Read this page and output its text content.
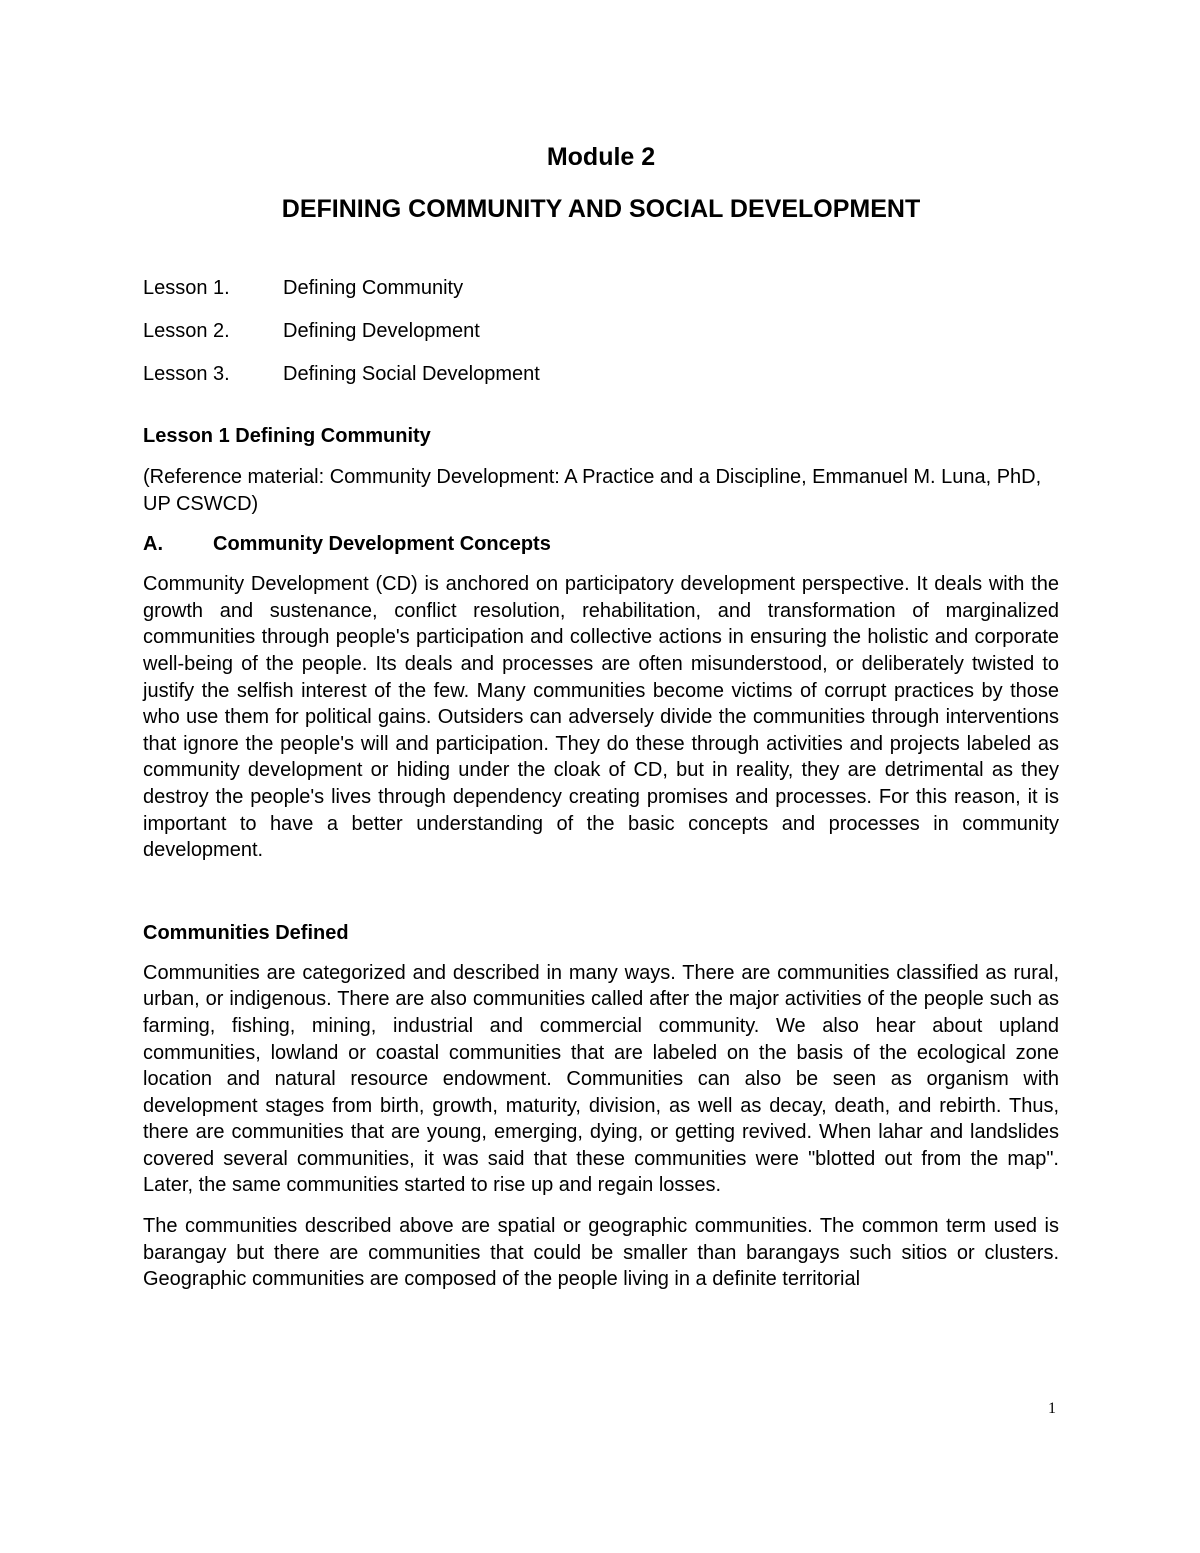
Module 2
DEFINING COMMUNITY AND SOCIAL DEVELOPMENT
Lesson 1.	Defining Community
Lesson 2.	Defining Development
Lesson 3.	Defining Social Development

Lesson 1 Defining Community

(Reference material: Community Development: A Practice and a Discipline, Emmanuel M. Luna, PhD, UP CSWCD)

A.	Community Development Concepts

Community Development (CD) is anchored on participatory development perspective. It deals with the growth and sustenance, conflict resolution, rehabilitation, and transformation of marginalized communities through people's participation and collective actions in ensuring the holistic and corporate well-being of the people. Its deals and processes are often misunderstood, or deliberately twisted to justify the selfish interest of the few. Many communities become victims of corrupt practices by those who use them for political gains. Outsiders can adversely divide the communities through interventions that ignore the people's will and participation. They do these through activities and projects labeled as community development or hiding under the cloak of CD, but in reality, they are detrimental as they destroy the people's lives through dependency creating promises and processes. For this reason, it is important to have a better understanding of the basic concepts and processes in community development.

Communities Defined

Communities are categorized and described in many ways. There are communities classified as rural, urban, or indigenous. There are also communities called after the major activities of the people such as farming, fishing, mining, industrial and commercial community. We also hear about upland communities, lowland or coastal communities that are labeled on the basis of the ecological zone location and natural resource endowment. Communities can also be seen as organism with development stages from birth, growth, maturity, division, as well as decay, death, and rebirth. Thus, there are communities that are young, emerging, dying, or getting revived. When lahar and landslides covered several communities, it was said that these communities were "blotted out from the map". Later, the same communities started to rise up and regain losses.

The communities described above are spatial or geographic communities. The common term used is barangay but there are communities that could be smaller than barangays such sitios or clusters. Geographic communities are composed of the people living in a definite territorial

1
